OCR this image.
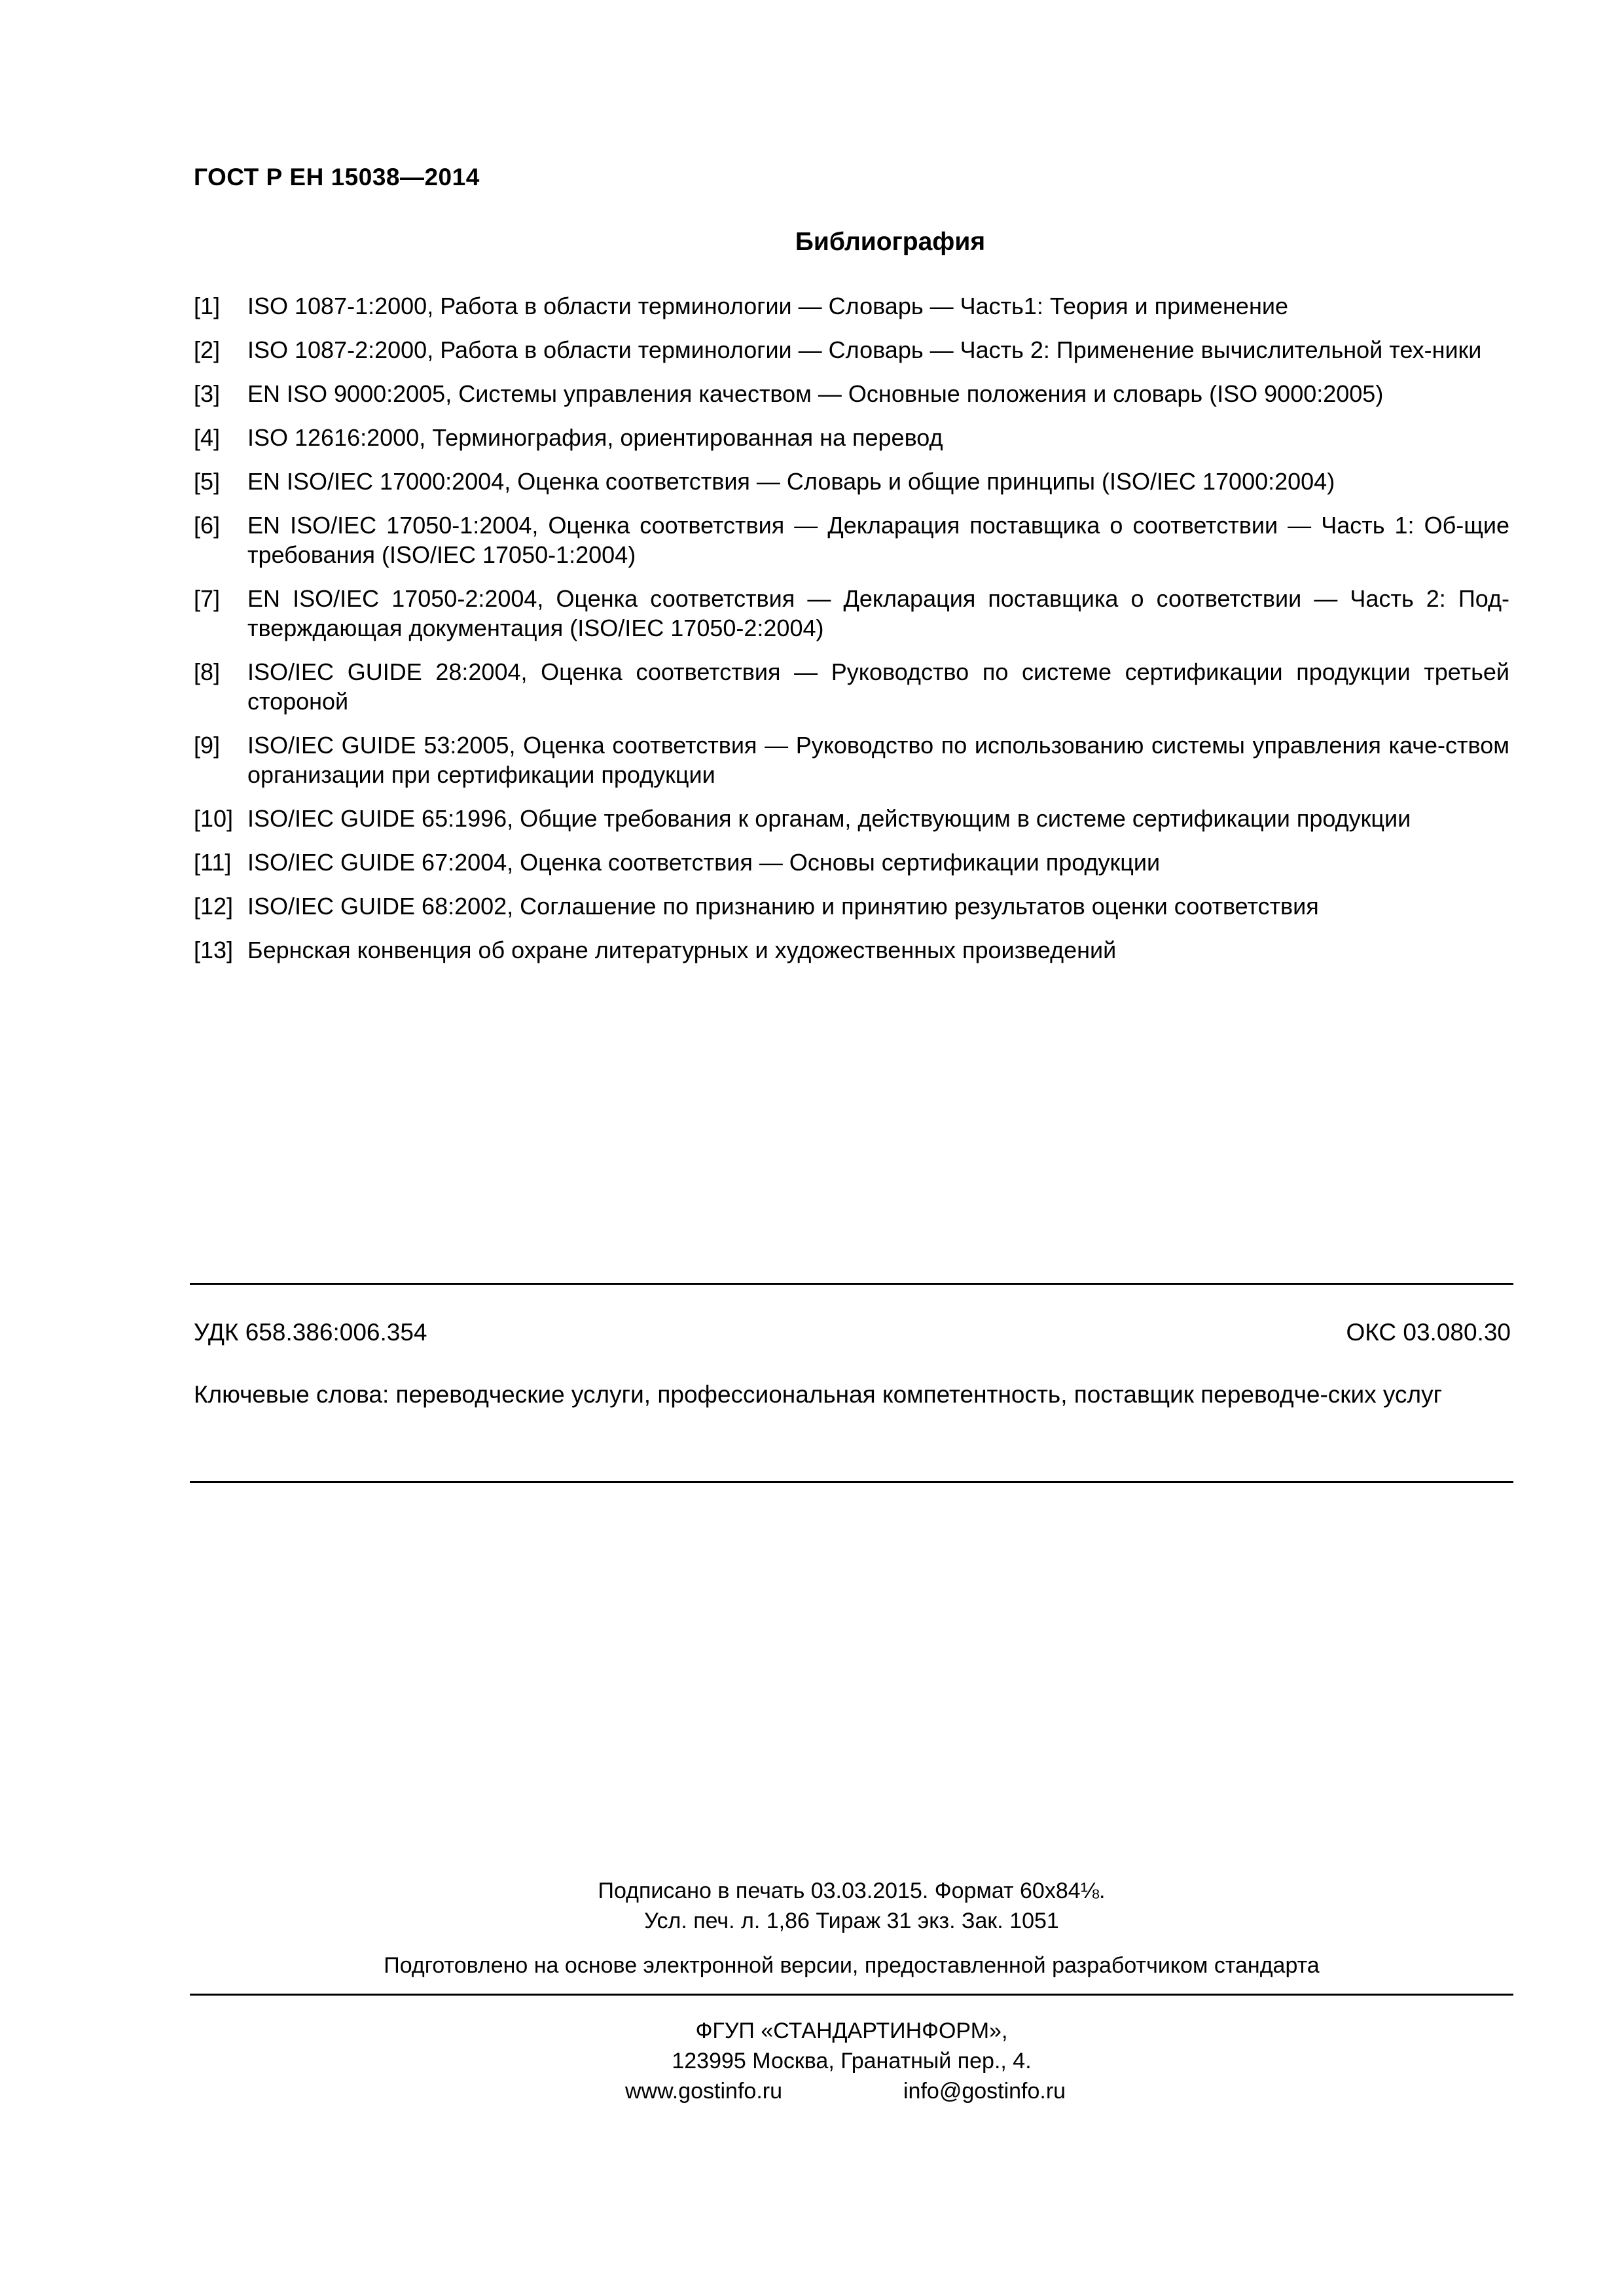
ГОСТ Р ЕН 15038—2014
Библиография
[1]	ISO 1087-1:2000, Работа в области терминологии — Словарь — Часть1: Теория и применение
[2]	ISO 1087-2:2000, Работа в области терминологии — Словарь — Часть 2: Применение вычислительной тех-ники
[3]	EN ISO 9000:2005, Системы управления качеством — Основные положения и словарь (ISO 9000:2005)
[4]	ISO 12616:2000, Терминография, ориентированная на перевод
[5]	EN ISO/IEC 17000:2004, Оценка соответствия — Словарь и общие принципы (ISO/IEC 17000:2004)
[6]	EN ISO/IEC 17050-1:2004, Оценка соответствия — Декларация поставщика о соответствии — Часть 1: Об-щие требования (ISO/IEC 17050-1:2004)
[7]	EN ISO/IEC 17050-2:2004, Оценка соответствия — Декларация поставщика о соответствии — Часть 2: Под-тверждающая документация (ISO/IEC 17050-2:2004)
[8]	ISO/IEC GUIDE 28:2004, Оценка соответствия — Руководство по системе сертификации продукции третьей стороной
[9]	ISO/IEC GUIDE 53:2005, Оценка соответствия — Руководство по использованию системы управления каче-ством организации при сертификации продукции
[10] ISO/IEC GUIDE 65:1996, Общие требования к органам, действующим в системе сертификации продукции
[11] ISO/IEC GUIDE 67:2004, Оценка соответствия — Основы сертификации продукции
[12] ISO/IEC GUIDE 68:2002, Соглашение по признанию и принятию результатов оценки соответствия
[13] Бернская конвенция об охране литературных и художественных произведений
УДК 658.386:006.354	ОКС 03.080.30
Ключевые слова: переводческие услуги, профессиональная компетентность, поставщик переводче-ских услуг
Подписано в печать 03.03.2015. Формат 60х84⅛.
Усл. печ. л. 1,86 Тираж 31 экз. Зак. 1051
Подготовлено на основе электронной версии, предоставленной разработчиком стандарта
ФГУП «СТАНДАРТИНФОРМ»,
123995 Москва, Гранатный пер., 4.
www.gostinfo.ru	info@gostinfo.ru
